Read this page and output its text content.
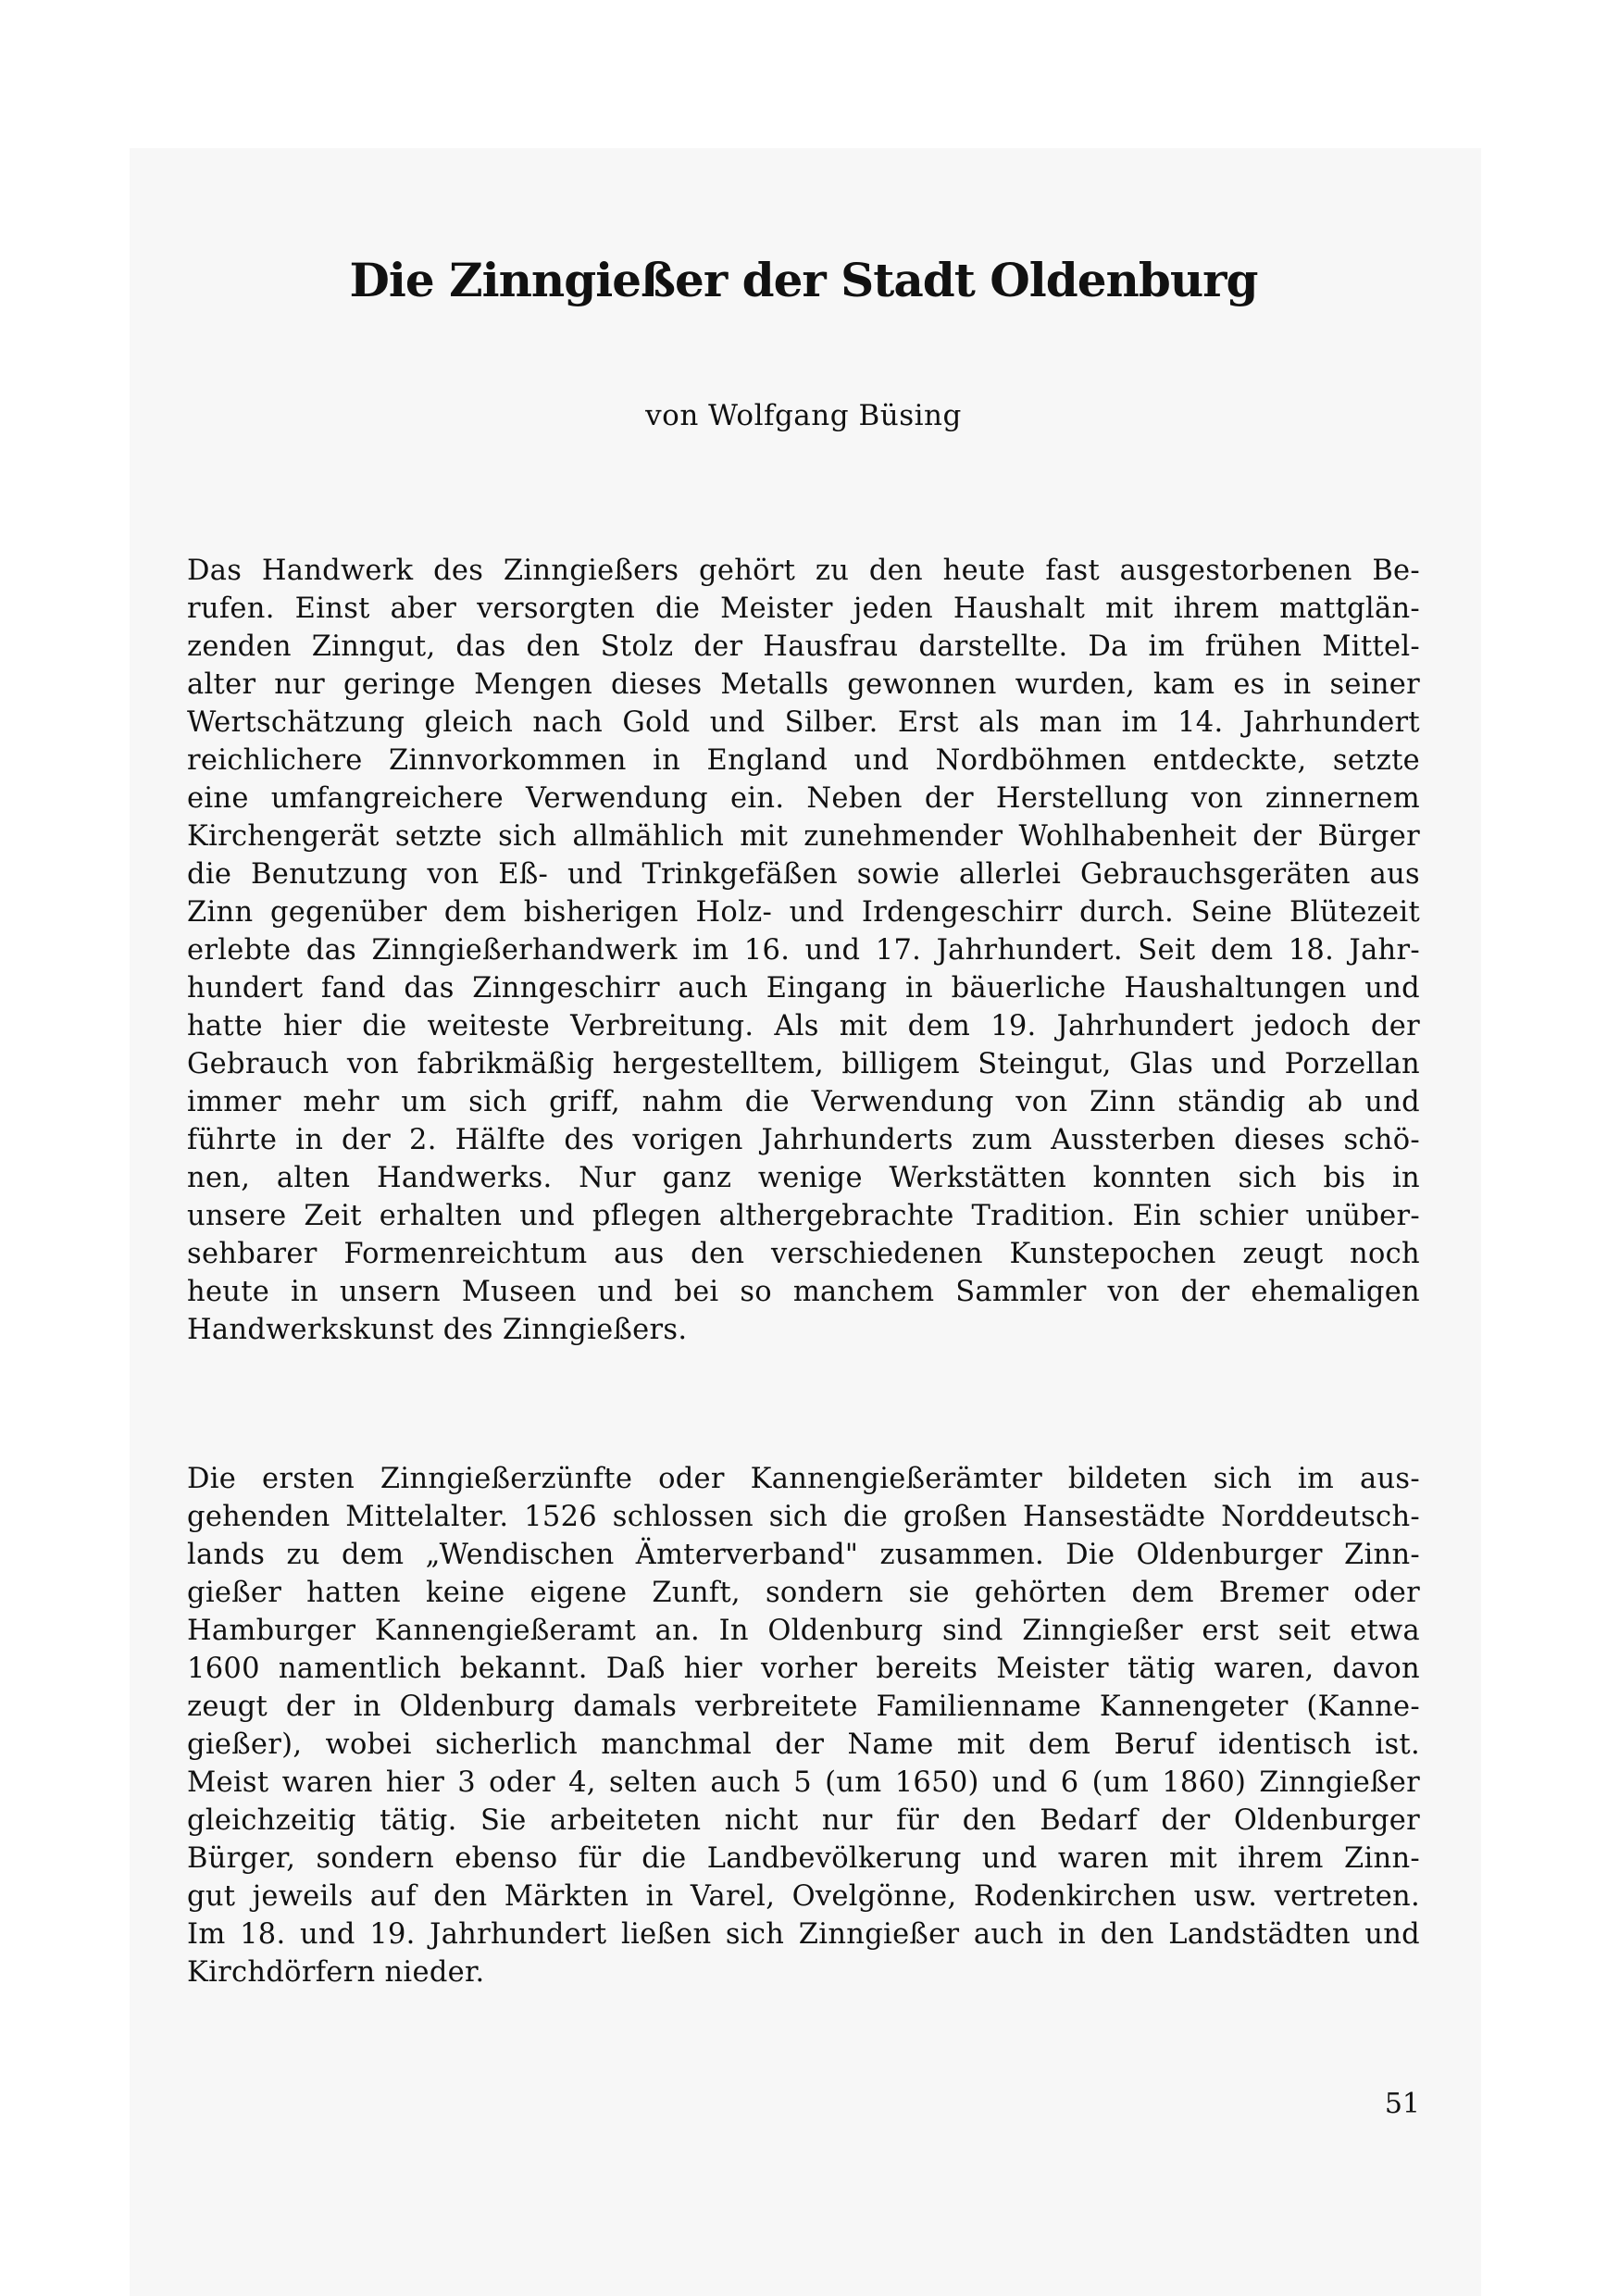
Die Zinngießer der Stadt Oldenburg
von Wolfgang Büsing
Das Handwerk des Zinngießers gehört zu den heute fast ausgestorbenen Be-
rufen. Einst aber versorgten die Meister jeden Haushalt mit ihrem mattglän-
zenden Zinngut, das den Stolz der Hausfrau darstellte. Da im frühen Mittel-
alter nur geringe Mengen dieses Metalls gewonnen wurden, kam es in seiner
Wertschätzung gleich nach Gold und Silber. Erst als man im 14. Jahrhundert
reichlichere Zinnvorkommen in England und Nordböhmen entdeckte, setzte
eine umfangreichere Verwendung ein. Neben der Herstellung von zinnernem
Kirchengerät setzte sich allmählich mit zunehmender Wohlhabenheit der Bürger
die Benutzung von Eß- und Trinkgefäßen sowie allerlei Gebrauchsgeräten aus
Zinn gegenüber dem bisherigen Holz- und Irdengeschirr durch. Seine Blütezeit
erlebte das Zinngießerhandwerk im 16. und 17. Jahrhundert. Seit dem 18. Jahr-
hundert fand das Zinngeschirr auch Eingang in bäuerliche Haushaltungen und
hatte hier die weiteste Verbreitung. Als mit dem 19. Jahrhundert jedoch der
Gebrauch von fabrikmäßig hergestelltem, billigem Steingut, Glas und Porzellan
immer mehr um sich griff, nahm die Verwendung von Zinn ständig ab und
führte in der 2. Hälfte des vorigen Jahrhunderts zum Aussterben dieses schö-
nen, alten Handwerks. Nur ganz wenige Werkstätten konnten sich bis in
unsere Zeit erhalten und pflegen althergebrachte Tradition. Ein schier unüber-
sehbarer Formenreichtum aus den verschiedenen Kunstepochen zeugt noch
heute in unsern Museen und bei so manchem Sammler von der ehemaligen
Handwerkskunst des Zinngießers.
Die ersten Zinngießerzünfte oder Kannengießerämter bildeten sich im aus-
gehenden Mittelalter. 1526 schlossen sich die großen Hansestädte Norddeutsch-
lands zu dem „Wendischen Ämterverband" zusammen. Die Oldenburger Zinn-
gießer hatten keine eigene Zunft, sondern sie gehörten dem Bremer oder
Hamburger Kannengießeramt an. In Oldenburg sind Zinngießer erst seit etwa
1600 namentlich bekannt. Daß hier vorher bereits Meister tätig waren, davon
zeugt der in Oldenburg damals verbreitete Familienname Kannengeter (Kanne-
gießer), wobei sicherlich manchmal der Name mit dem Beruf identisch ist.
Meist waren hier 3 oder 4, selten auch 5 (um 1650) und 6 (um 1860) Zinngießer
gleichzeitig tätig. Sie arbeiteten nicht nur für den Bedarf der Oldenburger
Bürger, sondern ebenso für die Landbevölkerung und waren mit ihrem Zinn-
gut jeweils auf den Märkten in Varel, Ovelgönne, Rodenkirchen usw. vertreten.
Im 18. und 19. Jahrhundert ließen sich Zinngießer auch in den Landstädten und
Kirchdörfern nieder.
51
